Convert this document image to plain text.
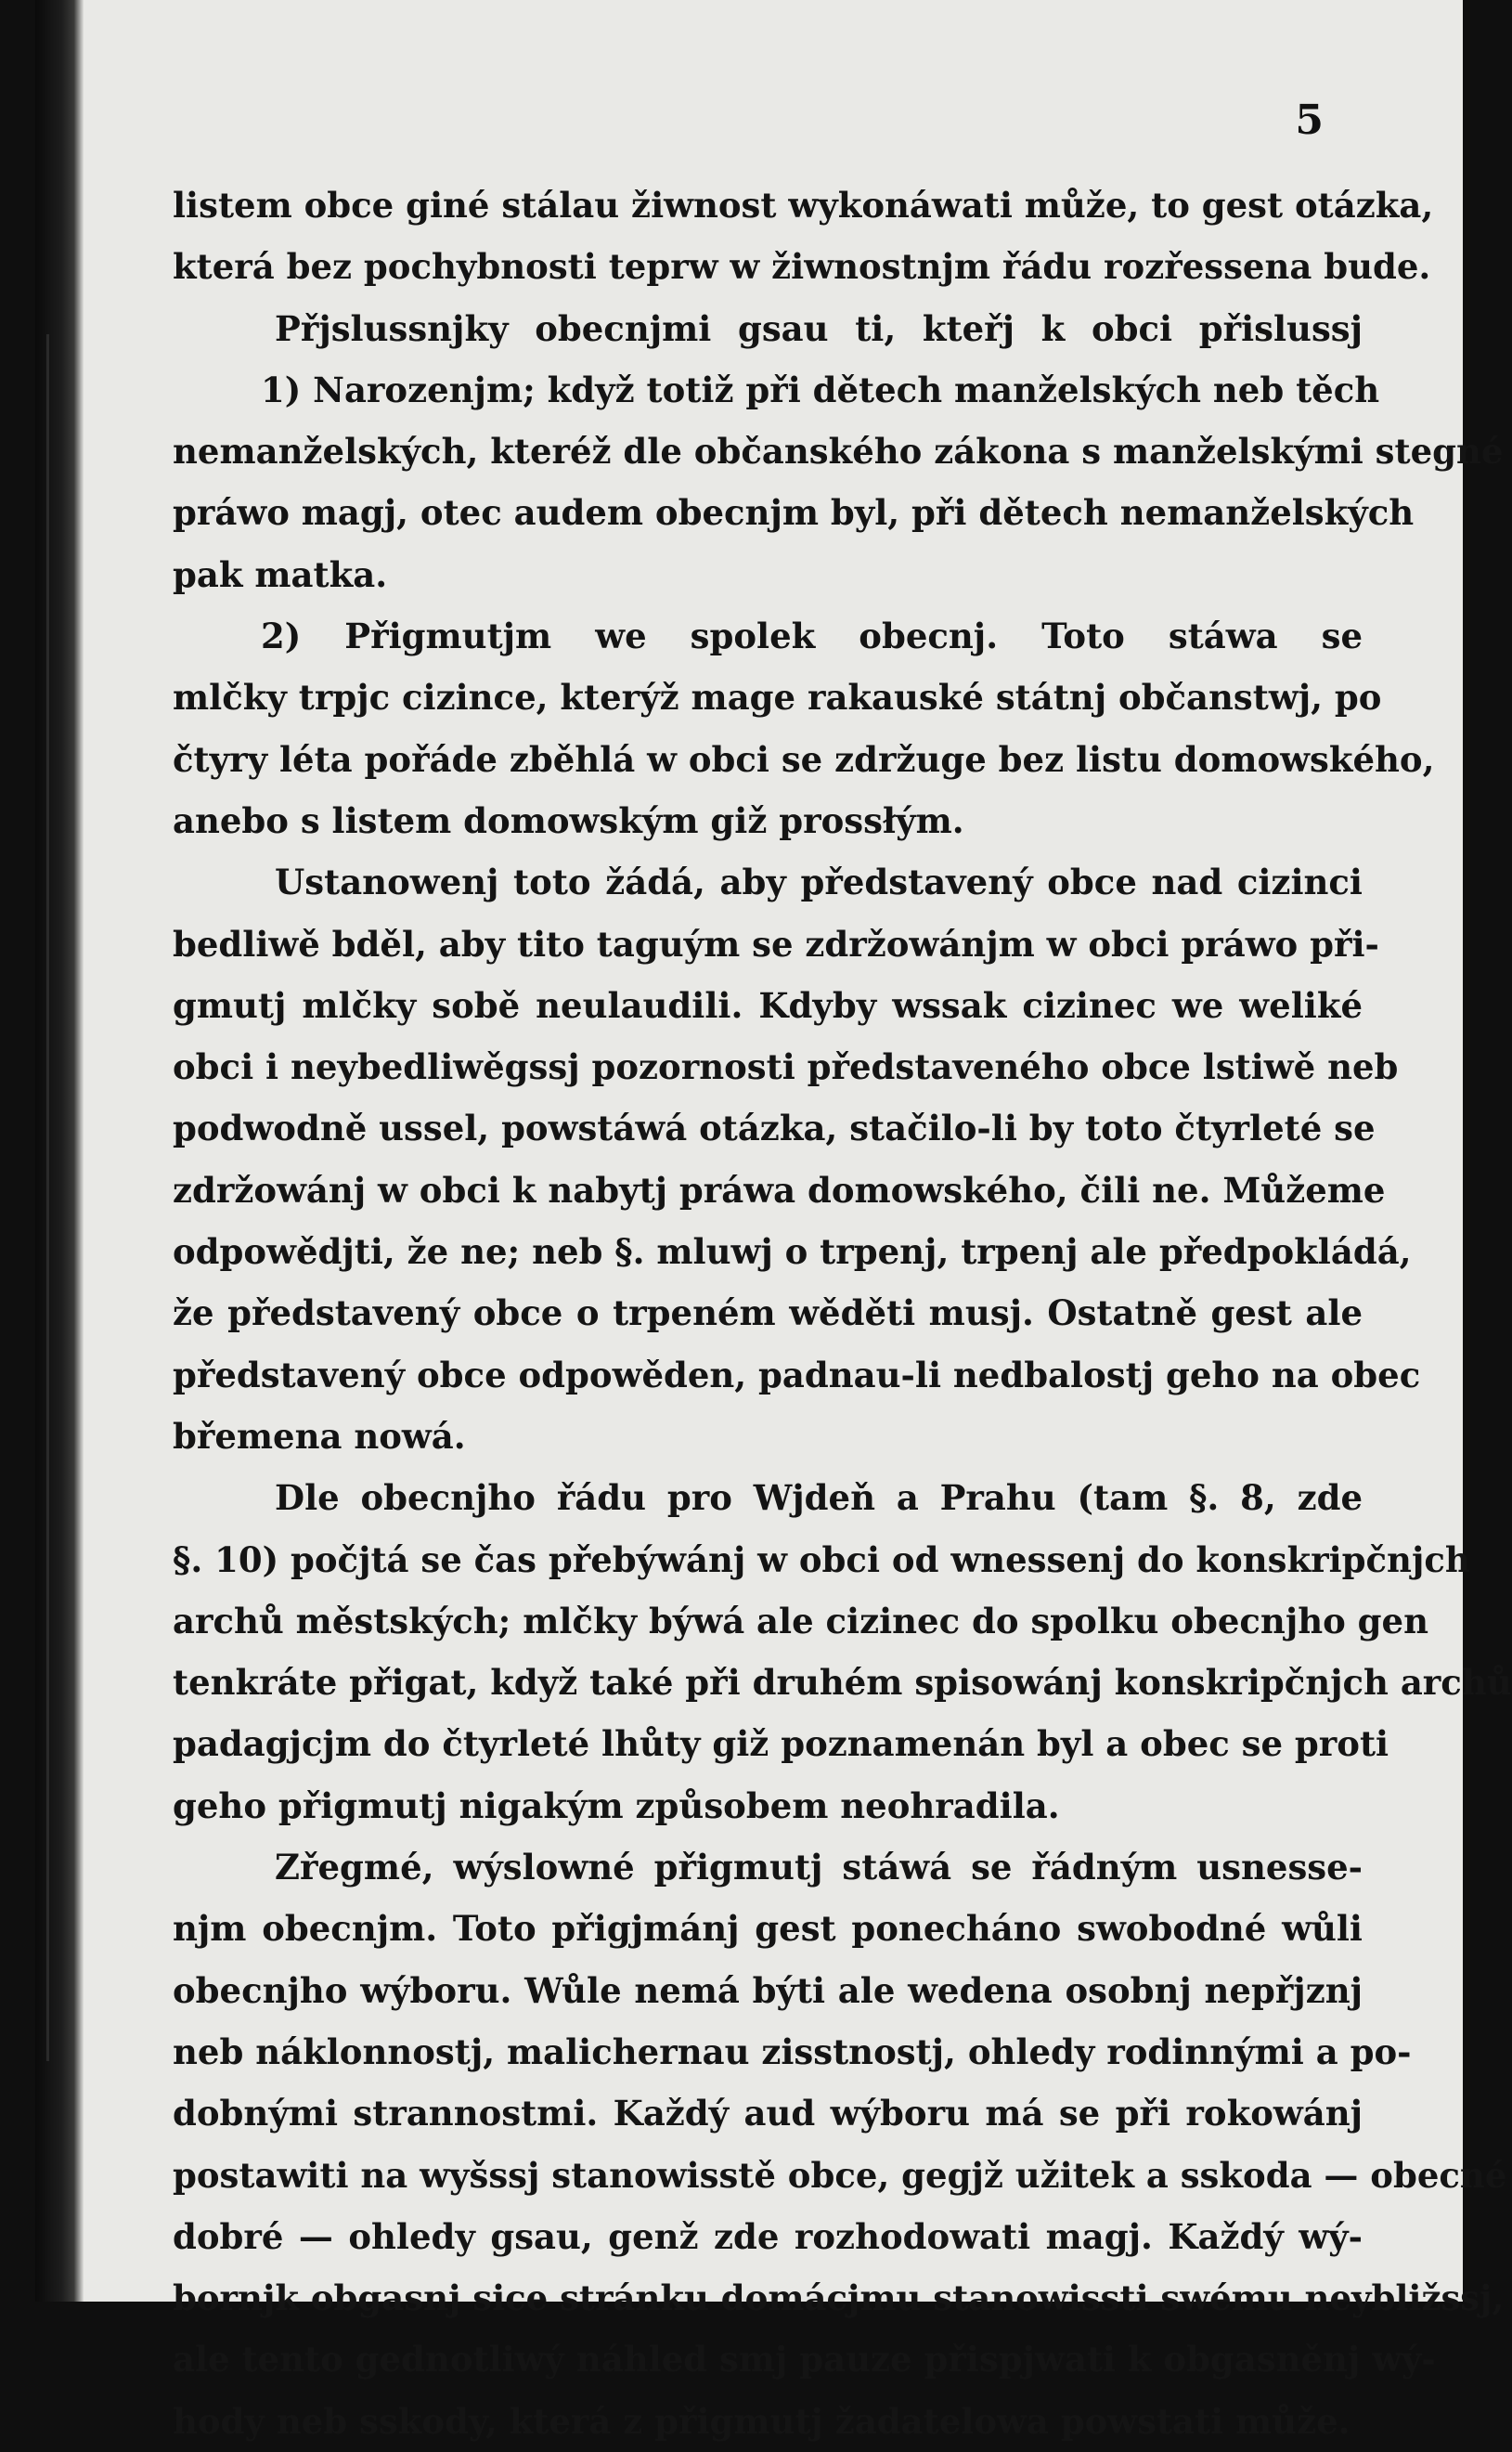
5
listem obce giné stálau žiwnost wykonáwati může, to gest otázka,
která bez pochybnosti teprw w žiwnostnjm řádu rozřessena bude.
Přjslussnjky obecnjmi gsau ti, kteřj k obci přislussj
1) Narozenjm; když totiž při dětech manželských neb těch
nemanželských, kteréž dle občanského zákona s manželskými stegné
práwo magj, otec audem obecnjm byl, při dětech nemanželských
pak matka.
2) Přigmutjm we spolek obecnj. Toto stáwa se
mlčky trpjc cizince, kterýž mage rakauské státnj občanstwj, po
čtyry léta pořáde zběhlá w obci se zdržuge bez listu domowského,
anebo s listem domowským giž prossłým.
Ustanowenj toto žádá, aby představený obce nad cizinci
bedliwě bděl, aby tito taguým se zdržowánjm w obci práwo při-
gmutj mlčky sobě neulaudili. Kdyby wssak cizinec we weliké
obci i neybedliwěgssj pozornosti představeného obce lstiwě neb
podwodně ussel, powstáwá otázka, stačilo-li by toto čtyrleté se
zdržowánj w obci k nabytj práwa domowského, čili ne. Můžeme
odpowědjti, že ne; neb §. mluwj o trpenj, trpenj ale předpokládá,
že představený obce o trpeném wěděti musj. Ostatně gest ale
představený obce odpowěden, padnau-li nedbalostj geho na obec
břemena nowá.
Dle obecnjho řádu pro Wjdeň a Prahu (tam §. 8, zde
§. 10) počjtá se čas přebýwánj w obci od wnessenj do konskripčnjch
archů městských; mlčky býwá ale cizinec do spolku obecnjho gen
tenkráte přigat, když také při druhém spisowánj konskripčnjch archů
padagjcjm do čtyrleté lhůty giž poznamenán byl a obec se proti
geho přigmutj nigakým způsobem neohradila.
Zřegmé, wýslowné přigmutj stáwá se řádným usnesse-
njm obecnjm. Toto přigjmánj gest ponecháno swobodné wůli
obecnjho wýboru. Wůle nemá býti ale wedena osobnj nepřjznj
neb náklonnostj, malichernau zisstnostj, ohledy rodinnými a po-
dobnými strannostmi. Každý aud wýboru má se při rokowánj
postawiti na wyšssj stanowisstě obce, gegjž užitek a sskoda — obecné
dobré — ohledy gsau, genž zde rozhodowati magj. Každý wý-
bornjk obgasnj sice stránku domácjmu stanowissti swému neybližssj,
ale tento gednotliwý náhled smj pauze přispjwati k obgasněnj wý-
hody neb sskody, která z přigmutj žadatelowa powstati může.
